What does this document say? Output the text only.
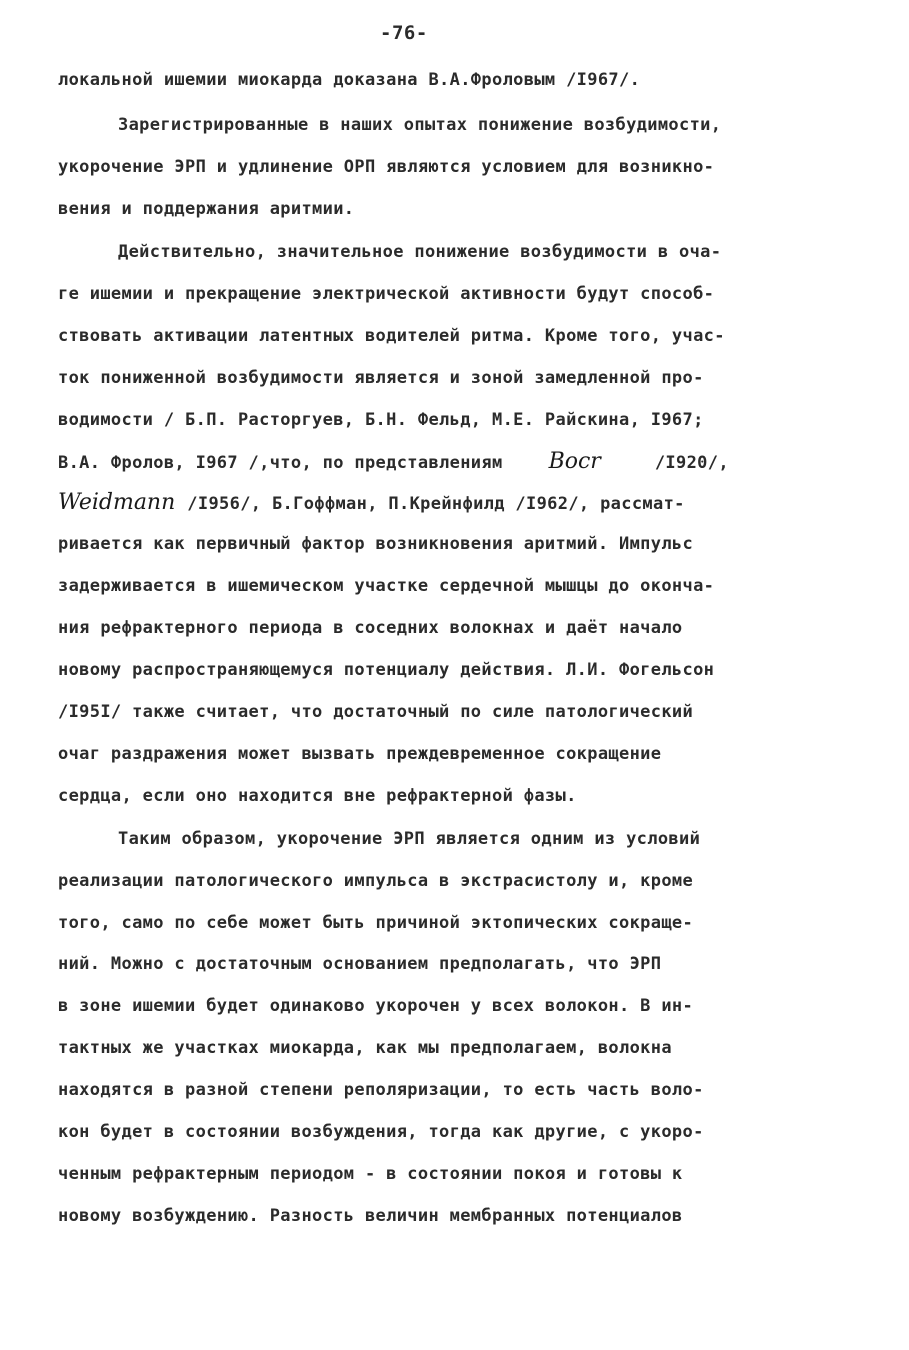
-76-
локальной ишемии миокарда доказана В.А.Фроловым /I967/.
Зарегистрированные в наших опытах понижение возбудимости,
укорочение ЭРП и удлинение ОРП являются условием для возникно-
вения и поддержания аритмии.
Действительно, значительное понижение возбудимости в оча-
ге ишемии и прекращение электрической активности будут способ-
ствовать активации латентных водителей ритма. Кроме того, учас-
ток пониженной возбудимости является и зоной замедленной про-
водимости / Б.П. Расторгуев, Б.Н. Фельд, М.Е. Райскина, I967;
В.А. Фролов, I967 /,что, по представлениям Bocr	/I920/,
Weidmann /I956/, Б.Гоффман, П.Крейнфилд /I962/, рассмат-
ривается как первичный фактор возникновения аритмий. Импульс
задерживается в ишемическом участке сердечной мышцы до оконча-
ния рефрактерного периода в соседних волокнах и даёт начало
новому распространяющемуся потенциалу действия. Л.И. Фогельсон
/I95I/ также считает, что достаточный по силе патологический
очаг раздражения может вызвать преждевременное сокращение
сердца, если оно находится вне рефрактерной фазы.
Таким образом, укорочение ЭРП является одним из условий
реализации патологического импульса в экстрасистолу и, кроме
того, само по себе может быть причиной эктопических сокраще-
ний. Можно с достаточным основанием предполагать, что ЭРП
в зоне ишемии будет одинаково укорочен у всех волокон. В ин-
тактных же участках миокарда, как мы предполагаем, волокна
находятся в разной степени реполяризации, то есть часть воло-
кон будет в состоянии возбуждения, тогда как другие, с укоро-
ченным рефрактерным периодом - в состоянии покоя и готовы к
новому возбуждению. Разность величин мембранных потенциалов
